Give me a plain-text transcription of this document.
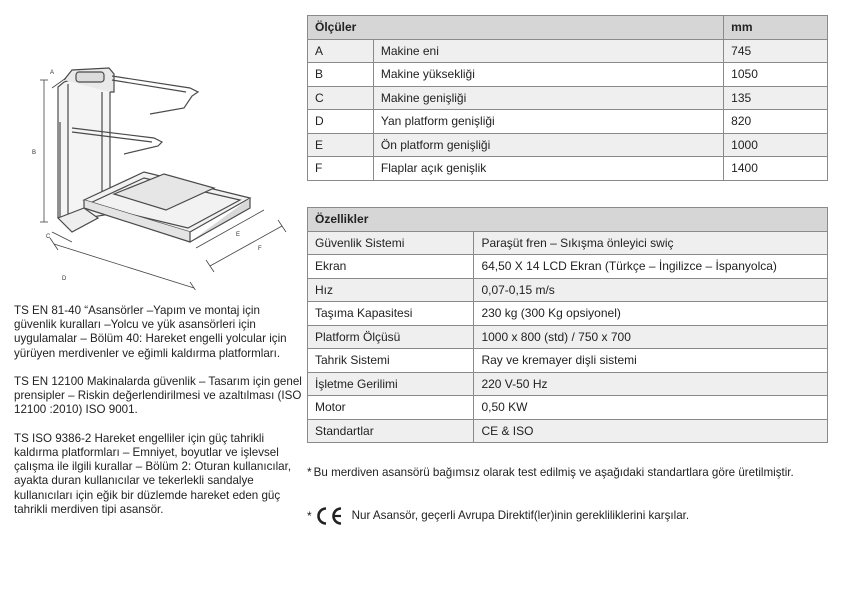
A
B
C
D
E
F

TS EN 81-40 “Asansörler –Yapım ve montaj için güvenlik kuralları –Yolcu ve yük asansörleri için uygulamalar – Bölüm 40: Hareket engelli yolcular için yürüyen merdivenler ve eğimli kaldırma platformları.

TS EN 12100 Makinalarda güvenlik – Tasarım için genel prensipler – Riskin değerlendirilmesi ve azaltılması (ISO 12100 :2010) ISO 9001.

TS ISO 9386-2 Hareket engelliler için güç tahrikli kaldırma platformları – Emniyet, boyutlar ve işlevsel çalışma ile ilgili kurallar – Bölüm 2: Oturan kullanıcılar, ayakta duran kullanıcılar ve tekerlekli sandalye kullanıcıları için eğik bir düzlemde hareket eden güç tahrikli merdiven tipi asansör.

Ölçüler		mm
A	Makine eni	745
B	Makine yüksekliği	1050
C	Makine genişliği	135
D	Yan platform genişliği	820
E	Ön platform genişliği	1000
F	Flaplar açık genişlik	1400
Özellikler	
Güvenlik Sistemi	Paraşüt fren – Sıkışma önleyici swiç
Ekran	64,50 X 14 LCD Ekran (Türkçe – İngilizce – İspanyolca)
Hız	0,07-0,15 m/s
Taşıma Kapasitesi	230 kg (300 Kg opsiyonel)
Platform Ölçüsü	1000 x 800 (std) / 750 x 700
Tahrik Sistemi	Ray ve kremayer dişli sistemi
İşletme Gerilimi	220 V-50 Hz
Motor	0,50 KW
Standartlar	CE & ISO
* Bu merdiven asansörü bağımsız olarak test edilmiş ve aşağıdaki standartlara göre üretilmiştir.
*	Nur Asansör, geçerli Avrupa Direktif(ler)inin gerekliliklerini karşılar.
